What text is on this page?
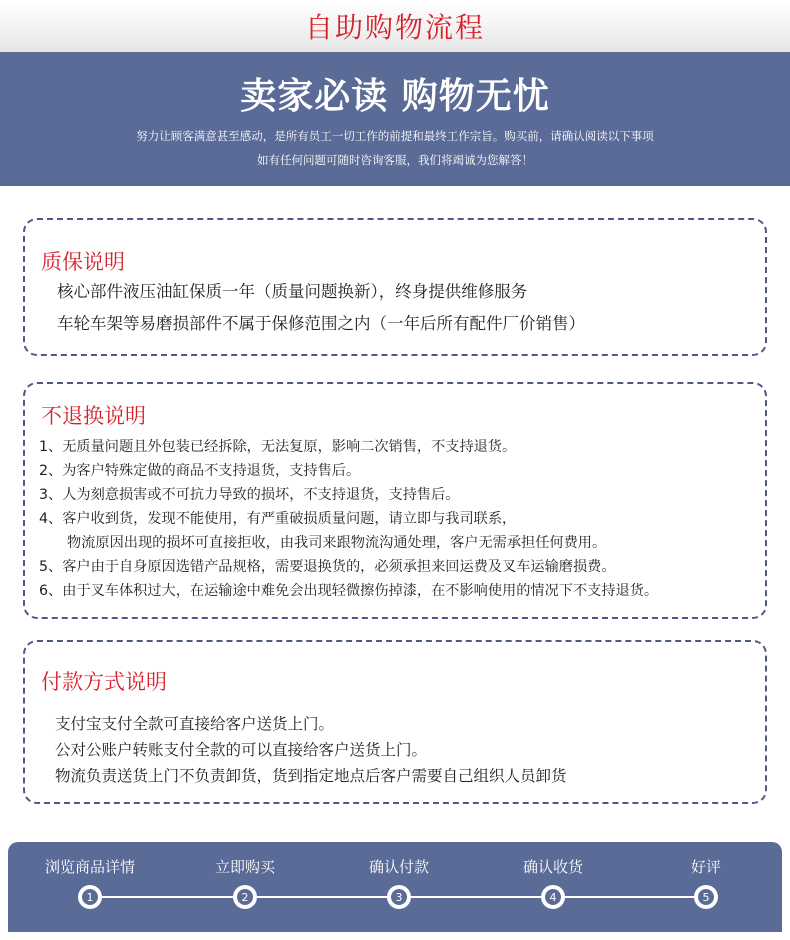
自助购物流程
卖家必读 购物无忧
努力让顾客满意甚至感动，是所有员工一切工作的前提和最终工作宗旨。购买前，请确认阅读以下事项
如有任何问题可随时咨询客服，我们将竭诚为您解答！
质保说明
核心部件液压油缸保质一年（质量问题换新），终身提供维修服务
车轮车架等易磨损部件不属于保修范围之内（一年后所有配件厂价销售）
不退换说明
1、无质量问题且外包装已经拆除，无法复原，影响二次销售，不支持退货。
2、为客户特殊定做的商品不支持退货，支持售后。
3、人为刻意损害或不可抗力导致的损坏，不支持退货，支持售后。
4、客户收到货，发现不能使用，有严重破损质量问题，请立即与我司联系，
物流原因出现的损坏可直接拒收，由我司来跟物流沟通处理，客户无需承担任何费用。
5、客户由于自身原因选错产品规格，需要退换货的，必须承担来回运费及叉车运输磨损费。
6、由于叉车体积过大，在运输途中难免会出现轻微擦伤掉漆，在不影响使用的情况下不支持退货。
付款方式说明
支付宝支付全款可直接给客户送货上门。
公对公账户转账支付全款的可以直接给客户送货上门。
物流负责送货上门不负责卸货，货到指定地点后客户需要自己组织人员卸货
浏览商品详情
1
立即购买
2
确认付款
3
确认收货
4
好评
5
